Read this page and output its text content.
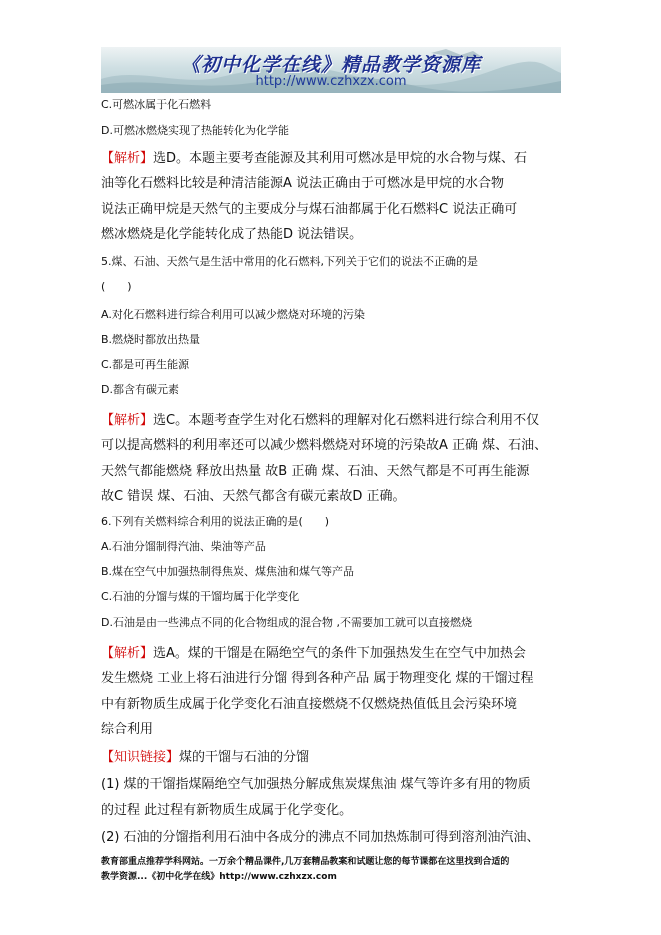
《初中化学在线》精品教学资源库
http://www.czhxzx.com
C.可燃冰属于化石燃料
D.可燃冰燃烧实现了热能转化为化学能
【解析】选D。本题主要考查能源及其利用可燃冰是甲烷的水合物与煤、石
油等化石燃料比较是种清洁能源A 说法正确由于可燃冰是甲烷的水合物
说法正确甲烷是天然气的主要成分与煤石油都属于化石燃料C 说法正确可
燃冰燃烧是化学能转化成了热能D 说法错误。
5.煤、石油、天然气是生活中常用的化石燃料,下列关于它们的说法不正确的是
(　　)
A.对化石燃料进行综合利用可以减少燃烧对环境的污染
B.燃烧时都放出热量
C.都是可再生能源
D.都含有碳元素
【解析】选C。本题考查学生对化石燃料的理解对化石燃料进行综合利用不仅
可以提高燃料的利用率还可以减少燃料燃烧对环境的污染故A 正确 煤、石油、
天然气都能燃烧 释放出热量 故B 正确 煤、石油、天然气都是不可再生能源
故C 错误 煤、石油、天然气都含有碳元素故D 正确。
6.下列有关燃料综合利用的说法正确的是(　　)
A.石油分馏制得汽油、柴油等产品
B.煤在空气中加强热制得焦炭、煤焦油和煤气等产品
C.石油的分馏与煤的干馏均属于化学变化
D.石油是由一些沸点不同的化合物组成的混合物 ,不需要加工就可以直接燃烧
【解析】选A。煤的干馏是在隔绝空气的条件下加强热发生在空气中加热会
发生燃烧 工业上将石油进行分馏 得到各种产品 属于物理变化 煤的干馏过程
中有新物质生成属于化学变化石油直接燃烧不仅燃烧热值低且会污染环境
综合利用
【知识链接】煤的干馏与石油的分馏
(1) 煤的干馏指煤隔绝空气加强热分解成焦炭煤焦油 煤气等许多有用的物质
的过程 此过程有新物质生成属于化学变化。
(2) 石油的分馏指利用石油中各成分的沸点不同加热炼制可得到溶剂油汽油、
教育部重点推荐学科网站。一万余个精品课件,几万套精品教案和试题让您的每节课都在这里找到合适的
教学资源...《初中化学在线》http://www.czhxzx.com
